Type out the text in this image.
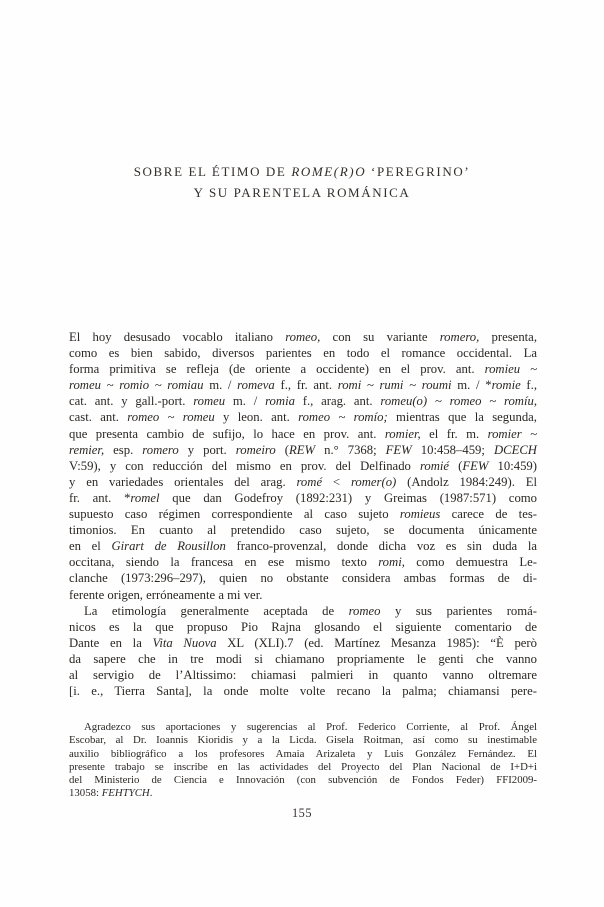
SOBRE EL ÉTIMO DE ROME(R)O ‘PEREGRINO’
Y SU PARENTELA ROMÁNICA
El hoy desusado vocablo italiano romeo, con su variante romero, presenta,
como es bien sabido, diversos parientes en todo el romance occidental. La
forma primitiva se refleja (de oriente a occidente) en el prov. ant. romieu ~
romeu ~ romio ~ romiau m. / romeva f., fr. ant. romi ~ rumi ~ roumi m. / *romie f.,
cat. ant. y gall.-port. romeu m. / romia f., arag. ant. romeu(o) ~ romeo ~ romíu,
cast. ant. romeo ~ romeu y leon. ant. romeo ~ romío; mientras que la segunda,
que presenta cambio de sufijo, lo hace en prov. ant. romier, el fr. m. romier ~
remier, esp. romero y port. romeiro (REW n.° 7368; FEW 10:458–459; DCECH
V:59), y con reducción del mismo en prov. del Delfinado romié (FEW 10:459)
y en variedades orientales del arag. romé < romer(o) (Andolz 1984:249). El
fr. ant. *romel que dan Godefroy (1892:231) y Greimas (1987:571) como
supuesto caso régimen correspondiente al caso sujeto romieus carece de tes-
timonios. En cuanto al pretendido caso sujeto, se documenta únicamente
en el Girart de Rousillon franco-provenzal, donde dicha voz es sin duda la
occitana, siendo la francesa en ese mismo texto romi, como demuestra Le-
clanche (1973:296–297), quien no obstante considera ambas formas de di-
ferente origen, erróneamente a mi ver.
La etimología generalmente aceptada de romeo y sus parientes romá-
nicos es la que propuso Pio Rajna glosando el siguiente comentario de
Dante en la Vita Nuova XL (XLI).7 (ed. Martínez Mesanza 1985): “È però
da sapere che in tre modi si chiamano propriamente le genti che vanno
al servigio de l’Altissimo: chiamasi palmieri in quanto vanno oltremare
[i. e., Tierra Santa], la onde molte volte recano la palma; chiamansi pere-
Agradezco sus aportaciones y sugerencias al Prof. Federico Corriente, al Prof. Ángel
Escobar, al Dr. Ioannis Kioridis y a la Licda. Gisela Roitman, así como su inestimable
auxilio bibliográfico a los profesores Amaia Arizaleta y Luis González Fernández. El
presente trabajo se inscribe en las actividades del Proyecto del Plan Nacional de I+D+i
del Ministerio de Ciencia e Innovación (con subvención de Fondos Feder) FFI2009-
13058: FEHTYCH.
155
